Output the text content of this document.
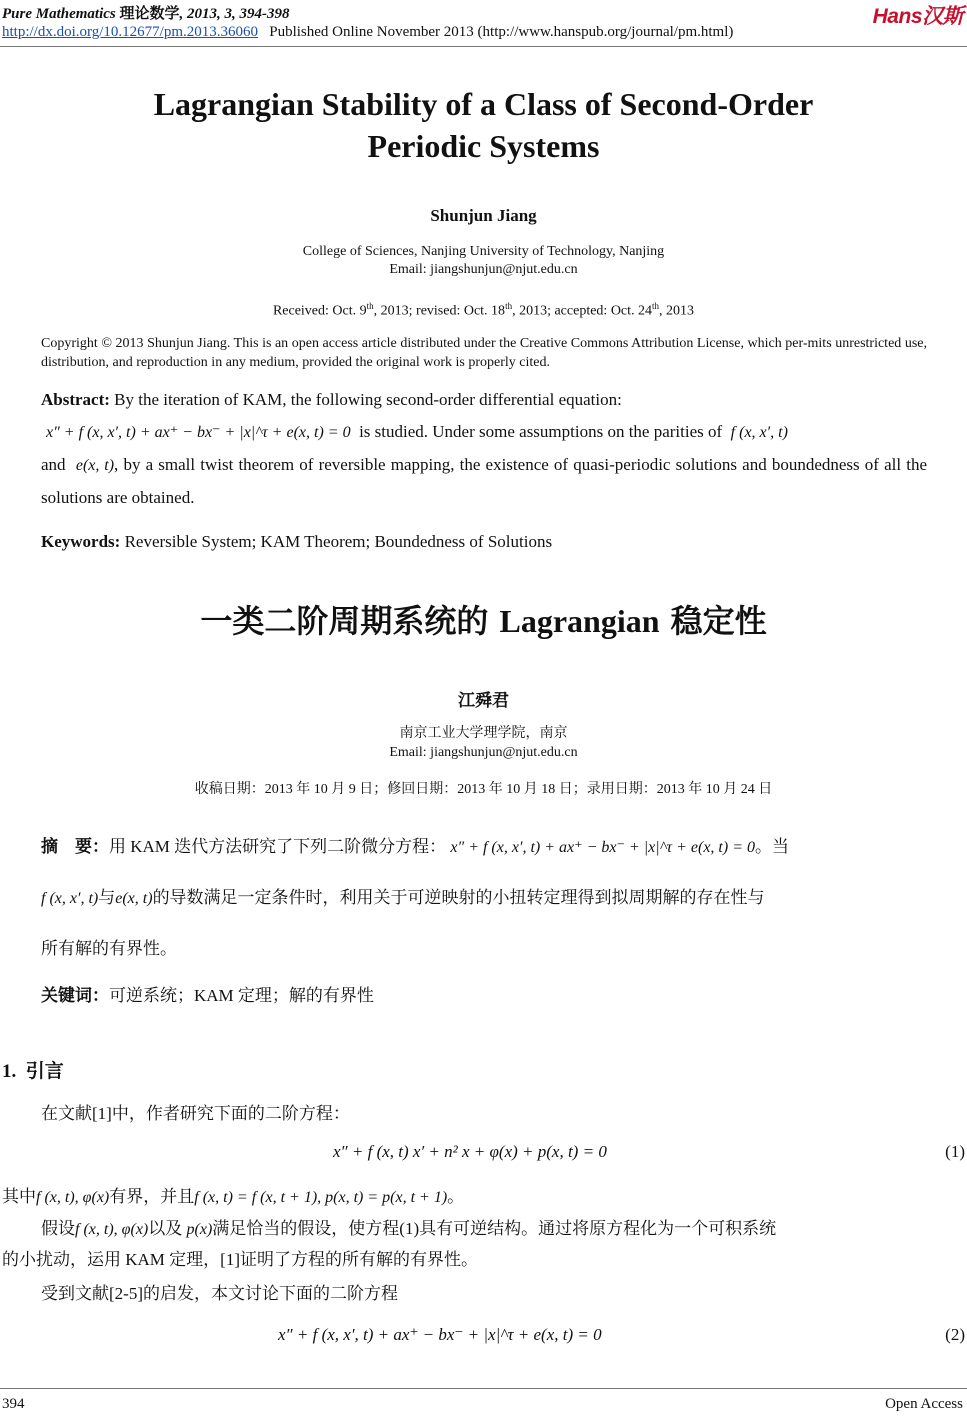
Pure Mathematics 理论数学, 2013, 3, 394-398	Hans汉斯
http://dx.doi.org/10.12677/pm.2013.36060 Published Online November 2013 (http://www.hanspub.org/journal/pm.html)
Lagrangian Stability of a Class of Second-Order
Periodic Systems
Shunjun Jiang
College of Sciences, Nanjing University of Technology, Nanjing
Email: jiangshunjun@njut.edu.cn
Received: Oct. 9th, 2013; revised: Oct. 18th, 2013; accepted: Oct. 24th, 2013
Copyright © 2013 Shunjun Jiang. This is an open access article distributed under the Creative Commons Attribution License, which per-mits unrestricted use, distribution, and reproduction in any medium, provided the original work is properly cited.
Abstract: By the iteration of KAM, the following second-order differential equation:
x″ + f (x, x′, t) + ax⁺ − bx⁻ + |x|^τ + e(x, t) = 0 is studied. Under some assumptions on the parities of f (x, x′, t)
and e(x, t), by a small twist theorem of reversible mapping, the existence of quasi-periodic solutions and boundedness of all the solutions are obtained.
Keywords: Reversible System; KAM Theorem; Boundedness of Solutions
一类二阶周期系统的 Lagrangian 稳定性
江舜君
南京工业大学理学院，南京
Email: jiangshunjun@njut.edu.cn
收稿日期：2013 年 10 月 9 日；修回日期：2013 年 10 月 18 日；录用日期：2013 年 10 月 24 日
摘　要：用 KAM 迭代方法研究了下列二阶微分方程： x″ + f (x, x′, t) + ax⁺ − bx⁻ + |x|^τ + e(x, t) = 0。当
f (x, x′, t)与e(x, t)的导数满足一定条件时，利用关于可逆映射的小扭转定理得到拟周期解的存在性与
所有解的有界性。
关键词：可逆系统；KAM 定理；解的有界性
1. 引言
在文献[1]中，作者研究下面的二阶方程：
x″ + f (x, t) x′ + n² x + φ(x) + p(x, t) = 0	(1)
其中f (x, t), φ(x)有界，并且f (x, t) = f (x, t + 1), p(x, t) = p(x, t + 1)。
假设f (x, t), φ(x)以及 p(x)满足恰当的假设，使方程(1)具有可逆结构。通过将原方程化为一个可积系统
的小扰动，运用 KAM 定理，[1]证明了方程的所有解的有界性。
受到文献[2-5]的启发，本文讨论下面的二阶方程
x″ + f (x, x′, t) + ax⁺ − bx⁻ + |x|^τ + e(x, t) = 0	(2)
394	Open Access
